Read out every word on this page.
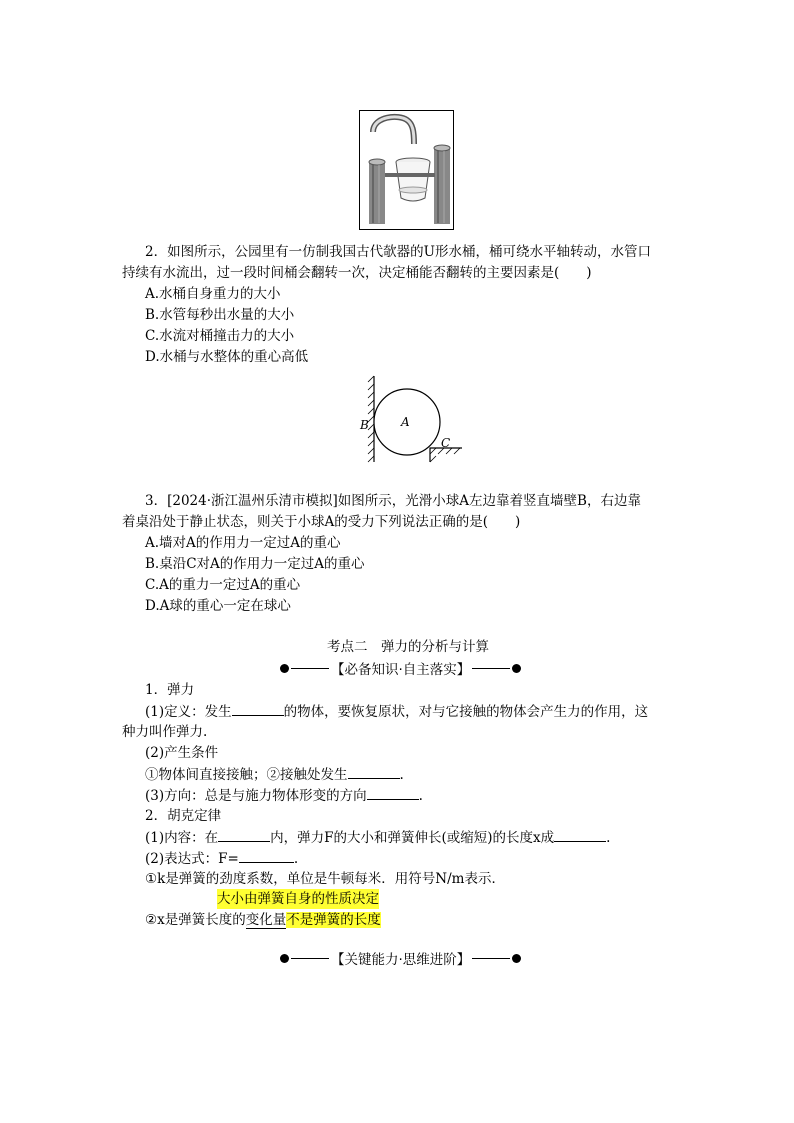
2．如图所示，公园里有一仿制我国古代欹器的U形水桶，桶可绕水平轴转动，水管口
持续有水流出，过一段时间桶会翻转一次，决定桶能否翻转的主要因素是(　　)
A.水桶自身重力的大小
B.水管每秒出水量的大小
C.水流对桶撞击力的大小
D.水桶与水整体的重心高低
A
B
C
3．[2024·浙江温州乐清市模拟]如图所示，光滑小球A左边靠着竖直墙壁B，右边靠
着桌沿处于静止状态，则关于小球A的受力下列说法正确的是(　　)
A.墙对A的作用力一定过A的重心
B.桌沿C对A的作用力一定过A的重心
C.A的重力一定过A的重心
D.A球的重心一定在球心
考点二　弹力的分析与计算
【必备知识·自主落实】
1．弹力
(1)定义：发生	的物体，要恢复原状，对与它接触的物体会产生力的作用，这
种力叫作弹力.
(2)产生条件
①物体间直接接触；②接触处发生	.
(3)方向：总是与施力物体形变的方向	.
2．胡克定律
(1)内容：在	内，弹力F的大小和弹簧伸长(或缩短)的长度x成	.
(2)表达式：F=	.
①k是弹簧的劲度系数，单位是牛顿每米．用符号N/m表示．
大小由弹簧自身的性质决定
②x是弹簧长度的变化量不是弹簧的长度
【关键能力·思维进阶】
